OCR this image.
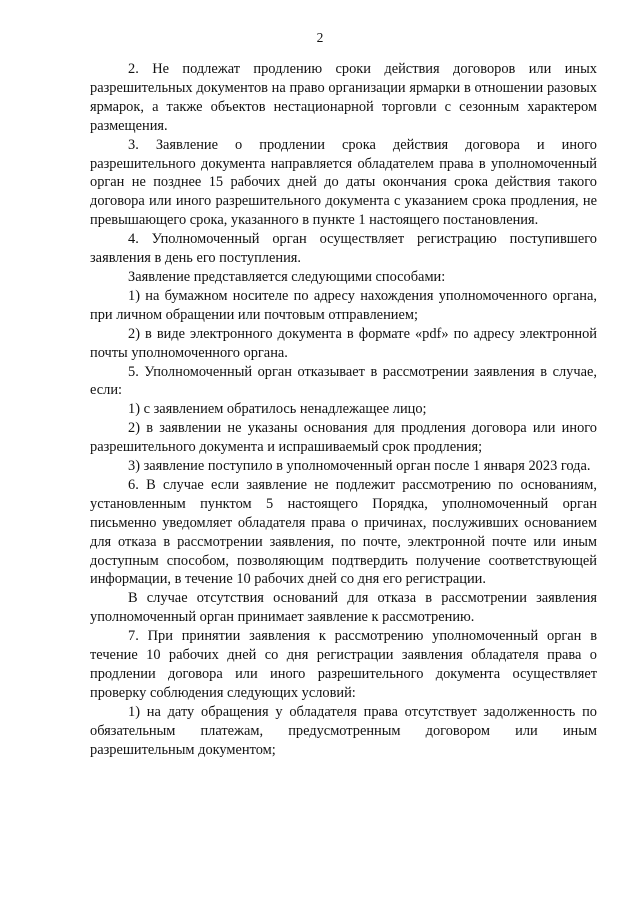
2

2. Не подлежат продлению сроки действия договоров или иных разрешительных документов на право организации ярмарки в отношении разовых ярмарок, а также объектов нестационарной торговли с сезонным характером размещения.

3. Заявление о продлении срока действия договора и иного разрешительного документа направляется обладателем права в уполномоченный орган не позднее 15 рабочих дней до даты окончания срока действия такого договора или иного разрешительного документа с указанием срока продления, не превышающего срока, указанного в пункте 1 настоящего постановления.

4. Уполномоченный орган осуществляет регистрацию поступившего заявления в день его поступления.

Заявление представляется следующими способами:

1) на бумажном носителе по адресу нахождения уполномоченного органа, при личном обращении или почтовым отправлением;

2) в виде электронного документа в формате «pdf» по адресу электронной почты уполномоченного органа.

5. Уполномоченный орган отказывает в рассмотрении заявления в случае, если:

1) с заявлением обратилось ненадлежащее лицо;

2) в заявлении не указаны основания для продления договора или иного разрешительного документа и испрашиваемый срок продления;

3) заявление поступило в уполномоченный орган после 1 января 2023 года.

6. В случае если заявление не подлежит рассмотрению по основаниям, установленным пунктом 5 настоящего Порядка, уполномоченный орган письменно уведомляет обладателя права о причинах, послуживших основанием для отказа в рассмотрении заявления, по почте, электронной почте или иным доступным способом, позволяющим подтвердить получение соответствующей информации, в течение 10 рабочих дней со дня его регистрации.

В случае отсутствия оснований для отказа в рассмотрении заявления уполномоченный орган принимает заявление к рассмотрению.

7. При принятии заявления к рассмотрению уполномоченный орган в течение 10 рабочих дней со дня регистрации заявления обладателя права о продлении договора или иного разрешительного документа осуществляет проверку соблюдения следующих условий:

1) на дату обращения у обладателя права отсутствует задолженность по обязательным платежам, предусмотренным договором или иным разрешительным документом;
